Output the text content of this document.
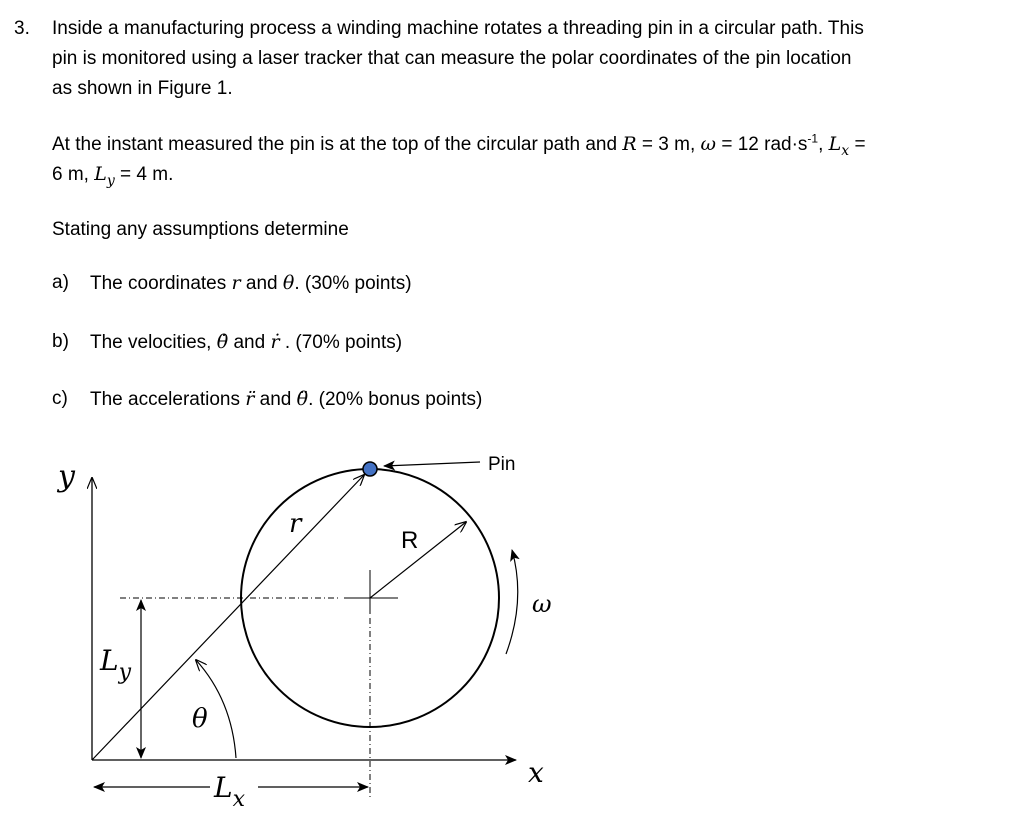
3. Inside a manufacturing process a winding machine rotates a threading pin in a circular path. This
pin is monitored using a laser tracker that can measure the polar coordinates of the pin location
as shown in Figure 1.
At the instant measured the pin is at the top of the circular path and R = 3 m, ω = 12 $rad\cdot s^{-1}$, $L_x$ =
6 m, $L_y = 4$ m.
Stating any assumptions determine
a) The coordinates r and θ. (30% points)
b) The velocities, θ̇ and ṙ . (70% points)
c) The accelerations r̈ and θ̈. (20% bonus points)
Pin
R
r
ω
θ
y
x
$L_y$
$L_x$
